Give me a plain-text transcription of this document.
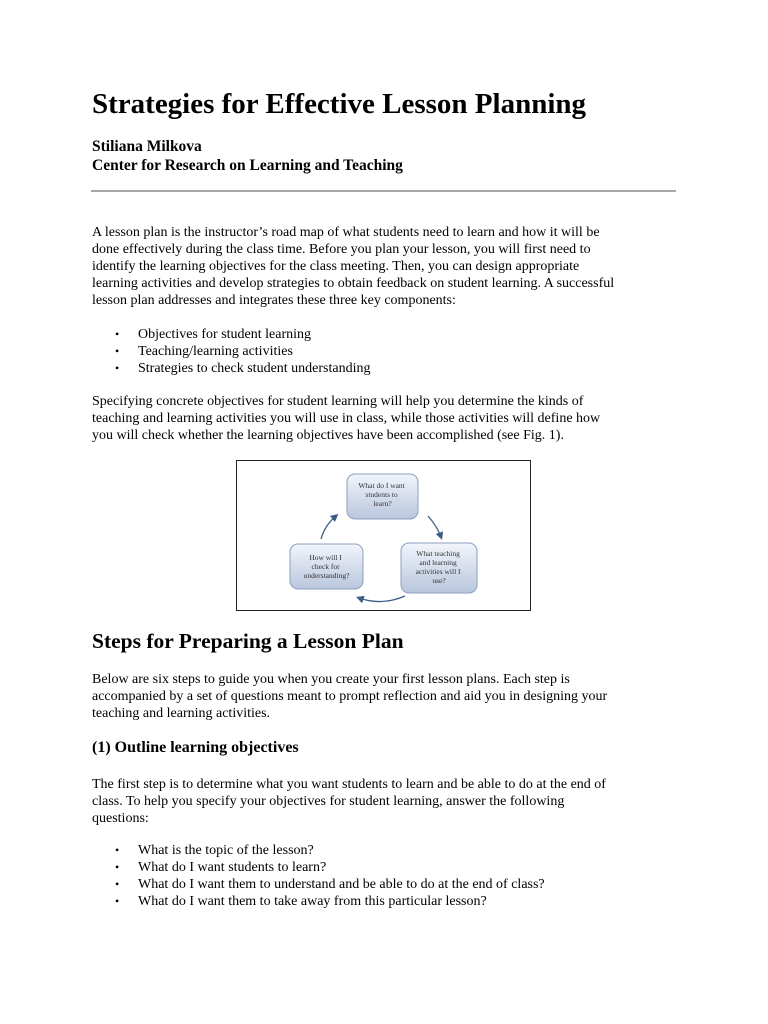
Strategies for Effective Lesson Planning
Stiliana Milkova
Center for Research on Learning and Teaching

A lesson plan is the instructor’s road map of what students need to learn and how it will be
done effectively during the class time. Before you plan your lesson, you will first need to
identify the learning objectives for the class meeting. Then, you can design appropriate
learning activities and develop strategies to obtain feedback on student learning. A successful
lesson plan addresses and integrates these three key components:

• Objectives for student learning
• Teaching/learning activities
• Strategies to check student understanding

Specifying concrete objectives for student learning will help you determine the kinds of
teaching and learning activities you will use in class, while those activities will define how
you will check whether the learning objectives have been accomplished (see Fig. 1).

What do I want students to learn?
What teaching and learning activities will I use?
How will I check for understanding?
Steps for Preparing a Lesson Plan

Below are six steps to guide you when you create your first lesson plans. Each step is
accompanied by a set of questions meant to prompt reflection and aid you in designing your
teaching and learning activities.

(1) Outline learning objectives

The first step is to determine what you want students to learn and be able to do at the end of
class. To help you specify your objectives for student learning, answer the following
questions:

• What is the topic of the lesson?
• What do I want students to learn?
• What do I want them to understand and be able to do at the end of class?
• What do I want them to take away from this particular lesson?
